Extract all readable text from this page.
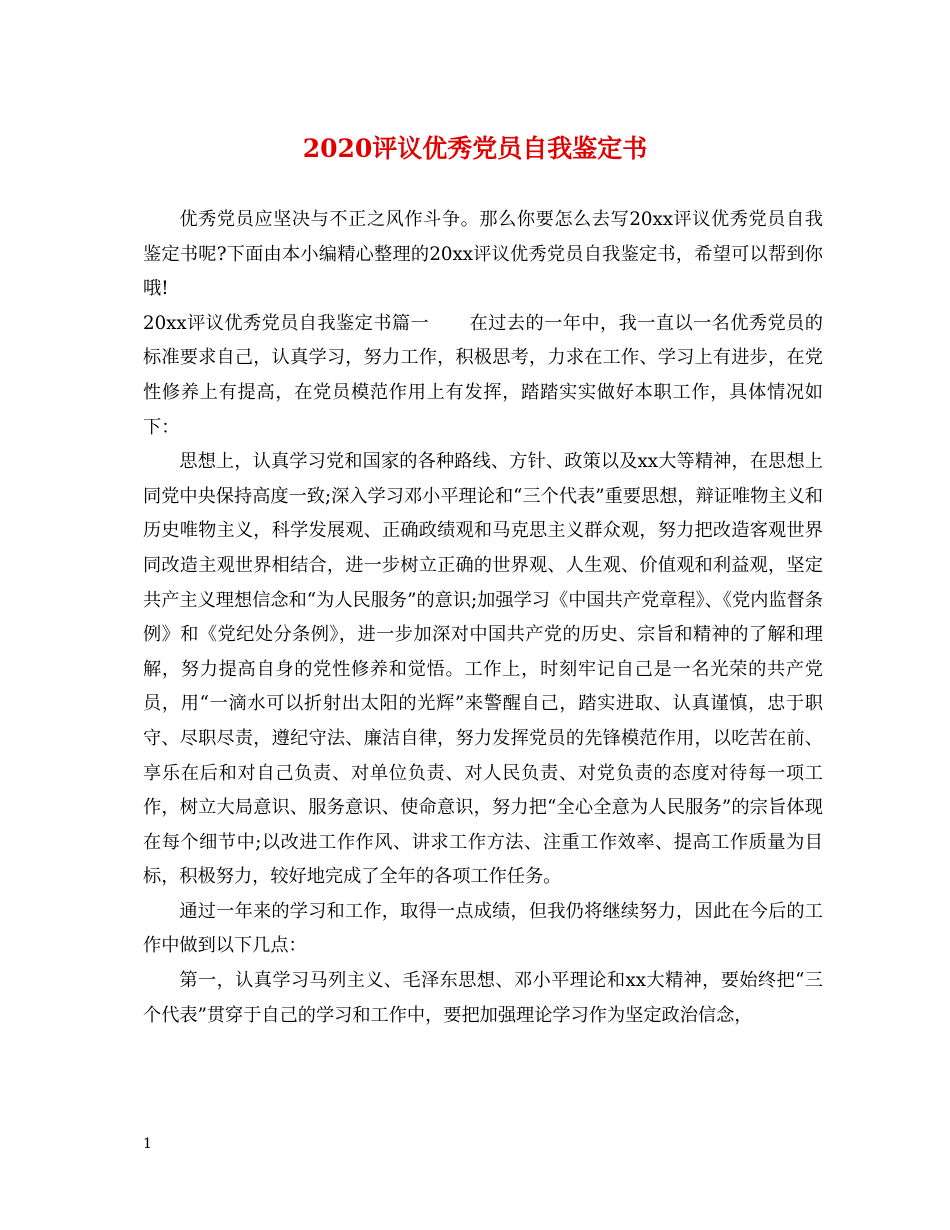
2020评议优秀党员自我鉴定书

优秀党员应坚决与不正之风作斗争。那么你要怎么去写20xx评议优秀党员自我鉴定书呢?下面由本小编精心整理的20xx评议优秀党员自我鉴定书，希望可以帮到你哦!

20xx评议优秀党员自我鉴定书篇一 在过去的一年中，我一直以一名优秀党员的标准要求自己，认真学习，努力工作，积极思考，力求在工作、学习上有进步，在党性修养上有提高，在党员模范作用上有发挥，踏踏实实做好本职工作，具体情况如下：

思想上，认真学习党和国家的各种路线、方针、政策以及xx大等精神，在思想上同党中央保持高度一致;深入学习邓小平理论和“三个代表”重要思想，辩证唯物主义和历史唯物主义，科学发展观、正确政绩观和马克思主义群众观，努力把改造客观世界同改造主观世界相结合，进一步树立正确的世界观、人生观、价值观和利益观，坚定共产主义理想信念和“为人民服务”的意识;加强学习《中国共产党章程》、《党内监督条例》和《党纪处分条例》，进一步加深对中国共产党的历史、宗旨和精神的了解和理解，努力提高自身的党性修养和觉悟。工作上，时刻牢记自己是一名光荣的共产党员，用“一滴水可以折射出太阳的光辉”来警醒自己，踏实进取、认真谨慎，忠于职守、尽职尽责，遵纪守法、廉洁自律，努力发挥党员的先锋模范作用，以吃苦在前、享乐在后和对自己负责、对单位负责、对人民负责、对党负责的态度对待每一项工作，树立大局意识、服务意识、使命意识，努力把“全心全意为人民服务”的宗旨体现在每个细节中;以改进工作作风、讲求工作方法、注重工作效率、提高工作质量为目标，积极努力，较好地完成了全年的各项工作任务。

通过一年来的学习和工作，取得一点成绩，但我仍将继续努力，因此在今后的工作中做到以下几点：

第一，认真学习马列主义、毛泽东思想、邓小平理论和xx大精神，要始终把“三个代表”贯穿于自己的学习和工作中，要把加强理论学习作为坚定政治信念，

1
